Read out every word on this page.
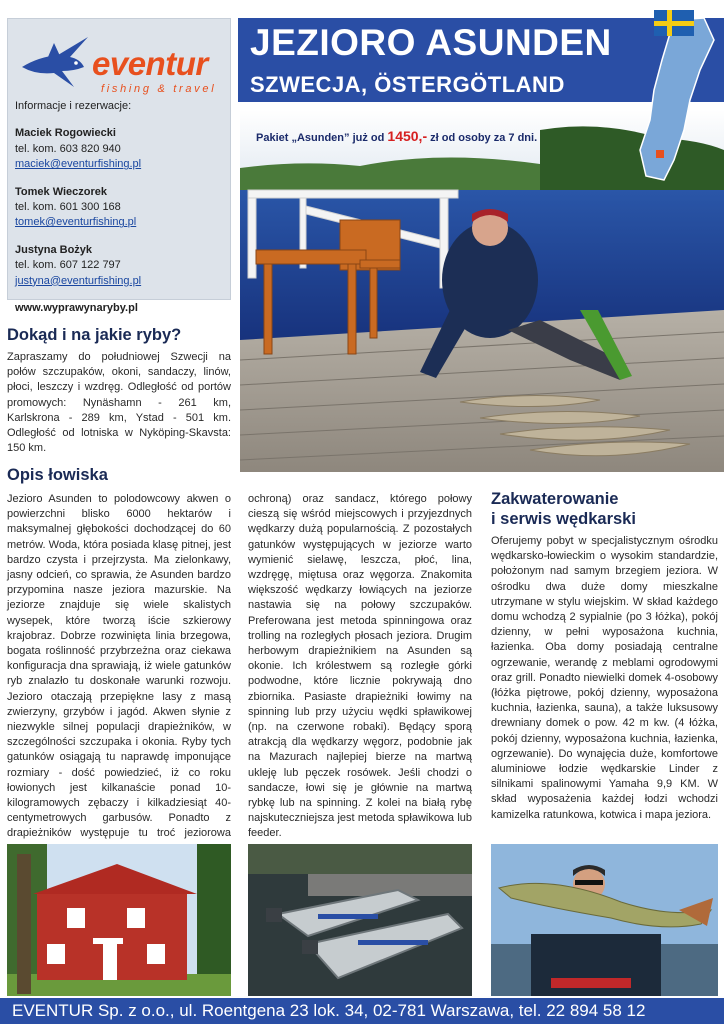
eventur
fishing & travel
Informacje i rezerwacje:
Maciek Rogowiecki
tel. kom. 603 820 940
maciek@eventurfishing.pl
Tomek Wieczorek
tel. kom. 601 300 168
tomek@eventurfishing.pl
Justyna Bożyk
tel. kom. 607 122 797
justyna@eventurfishing.pl
www.wyprawynaryby.pl
JEZIORO ASUNDEN
SZWECJA, ÖSTERGÖTLAND
Pakiet „Asunden” już od 1450,- zł od osoby za 7 dni.
Dokąd i na jakie ryby?
Zapraszamy do południowej Szwecji na połów szczupaków, okoni, sandaczy, linów, płoci, leszczy i wzdręg. Odległość od portów promowych: Nynäshamn - 261 km, Karlskrona - 289 km, Ystad - 501 km. Odległość od lotniska w Nyköping-Skavsta: 150 km.
Opis łowiska
Jezioro Asunden to polodowcowy akwen o powierzchni blisko 6000 hektarów i maksymalnej głębokości dochodzącej do 60 metrów. Woda, która posiada klasę pitnej, jest bardzo czysta i przejrzysta. Ma zielonkawy, jasny odcień, co sprawia, że Asunden bardzo przypomina nasze jeziora mazurskie. Na jeziorze znajduje się wiele skalistych wysepek, które tworzą iście szkierowy krajobraz. Dobrze rozwinięta linia brzegowa, bogata roślinność przybrzeżna oraz ciekawa konfiguracja dna sprawiają, iż wiele gatunków ryb znalazło tu doskonałe warunki rozwoju. Jezioro otaczają przepiękne lasy z masą zwierzyny, grzybów i jagód. Akwen słynie z niezwykle silnej populacji drapieżników, w szczególności szczupaka i okonia. Ryby tych gatunków osiągają tu naprawdę imponujące rozmiary - dość powiedzieć, iż co roku łowionych jest kilkanaście ponad 10-kilogramowych zębaczy i kilkadziesiąt 40- centymetrowych garbusów. Ponadto z drapieżników występuje tu troć jeziorowa
ochroną) oraz sandacz, którego połowy cieszą się wśród miejscowych i przyjezdnych wędkarzy dużą popularnością. Z pozostałych gatunków występujących w jeziorze warto wymienić sielawę, leszcza, płoć, lina, wzdręgę, miętusa oraz węgorza. Znakomita większość wędkarzy łowiących na jeziorze nastawia się na połowy szczupaków. Preferowana jest metoda spinningowa oraz trolling na rozległych płosach jeziora. Drugim herbowym drapieżnikiem na Asunden są okonie. Ich królestwem są rozległe górki podwodne, które licznie pokrywają dno zbiornika. Pasiaste drapieżniki łowimy na spinning lub przy użyciu wędki spławikowej (np. na czerwone robaki). Będący sporą atrakcją dla wędkarzy węgorz, podobnie jak na Mazurach najlepiej bierze na martwą ukleję lub pęczek rosówek. Jeśli chodzi o sandacze, łowi się je głównie na martwą rybkę lub na spinning. Z kolei na białą rybę najskuteczniejsza jest metoda spławikowa lub feeder.
Zakwaterowanie
i serwis wędkarski
Oferujemy pobyt w specjalistycznym ośrodku wędkarsko-łowieckim o wysokim standardzie, położonym nad samym brzegiem jeziora. W ośrodku dwa duże domy mieszkalne utrzymane w stylu wiejskim. W skład każdego domu wchodzą 2 sypialnie (po 3 łóżka), pokój dzienny, w pełni wyposażona kuchnia, łazienka. Oba domy posiadają centralne ogrzewanie, werandę z meblami ogrodowymi oraz grill. Ponadto niewielki domek 4-osobowy (łóżka piętrowe, pokój dzienny, wyposażona kuchnia, łazienka, sauna), a także luksusowy drewniany domek o pow. 42 m kw. (4 łóżka, pokój dzienny, wyposażona kuchnia, łazienka, ogrzewanie). Do wynajęcia duże, komfortowe aluminiowe łodzie wędkarskie Linder z silnikami spalinowymi Yamaha 9,9 KM. W skład wyposażenia każdej łodzi wchodzi kamizelka ratunkowa, kotwica i mapa jeziora.
EVENTUR Sp. z o.o., ul. Roentgena 23 lok. 34, 02-781 Warszawa, tel. 22 894 58 12
